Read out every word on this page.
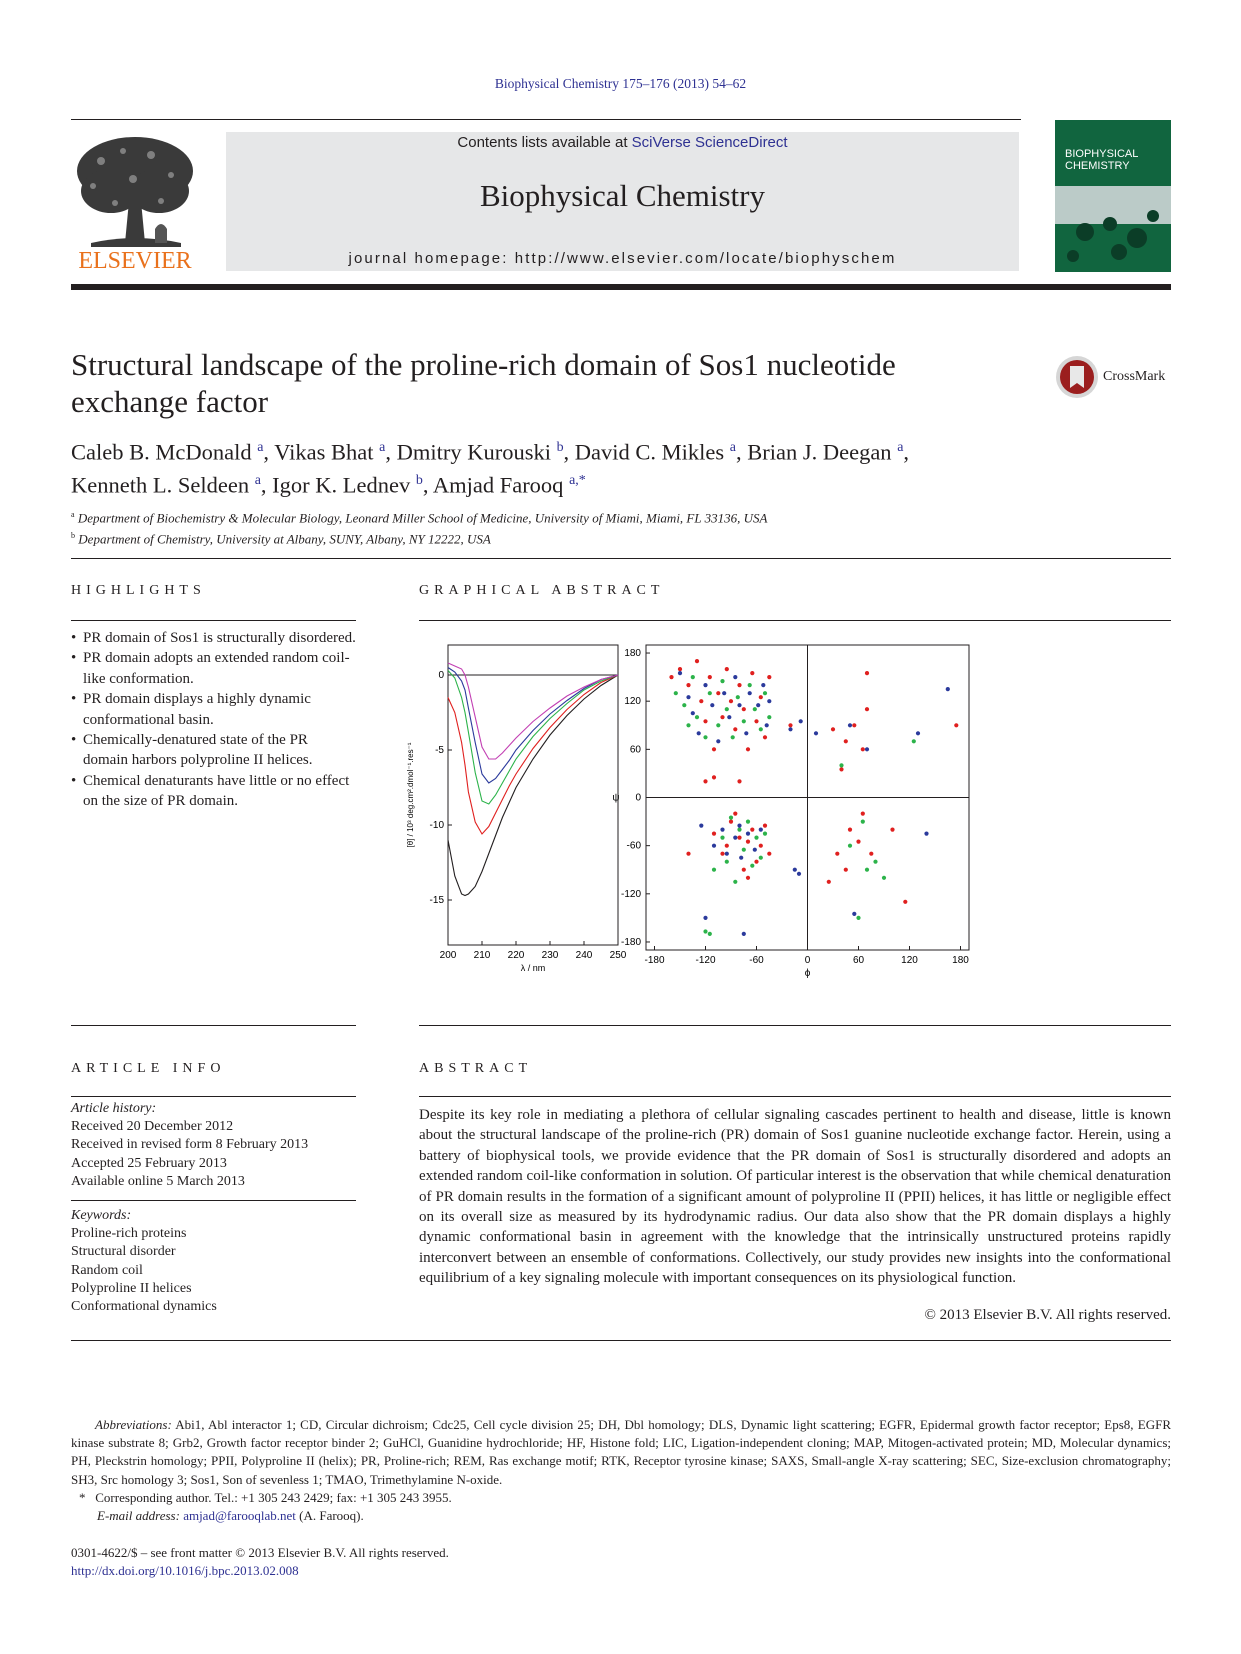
Biophysical Chemistry 175–176 (2013) 54–62
ELSEVIER
Contents lists available at SciVerse ScienceDirect
Biophysical Chemistry
journal homepage: http://www.elsevier.com/locate/biophyschem
BIOPHYSICAL CHEMISTRY
Structural landscape of the proline-rich domain of Sos1 nucleotide exchange factor
CrossMark
Caleb B. McDonald $^a$, Vikas Bhat $^a$, Dmitry Kurouski $^b$, David C. Mikles $^a$, Brian J. Deegan $^a$,
Kenneth L. Seldeen $^a$, Igor K. Lednev $^b$, Amjad Farooq $^{a,*}$
$^a$ Department of Biochemistry & Molecular Biology, Leonard Miller School of Medicine, University of Miami, Miami, FL 33136, USA
$^b$ Department of Chemistry, University at Albany, SUNY, Albany, NY 12222, USA
HIGHLIGHTS
• PR domain of Sos1 is structurally disordered.
• PR domain adopts an extended random coil-like conformation.
• PR domain displays a highly dynamic conformational basin.
• Chemically-denatured state of the PR domain harbors polyproline II helices.
• Chemical denaturants have little or no effect on the size of PR domain.
GRAPHICAL ABSTRACT
200 210 220 230 240 250
0
-5
-10
-15
λ / nm
[θ] / 10³ deg.cm².dmol⁻¹.res⁻¹
-180	-120	-60	0	60	120	180
180
120
60
0
-60
-120
-180
ϕ
ψ
ARTICLE INFO
Article history:
Received 20 December 2012
Received in revised form 8 February 2013
Accepted 25 February 2013
Available online 5 March 2013
Keywords:
Proline-rich proteins
Structural disorder
Random coil
Polyproline II helices
Conformational dynamics
ABSTRACT
Despite its key role in mediating a plethora of cellular signaling cascades pertinent to health and disease, little is known about the structural landscape of the proline-rich (PR) domain of Sos1 guanine nucleotide exchange factor. Herein, using a battery of biophysical tools, we provide evidence that the PR domain of Sos1 is structurally disordered and adopts an extended random coil-like conformation in solution. Of particular interest is the observation that while chemical denaturation of PR domain results in the formation of a significant amount of polyproline II (PPII) helices, it has little or negligible effect on its overall size as measured by its hydrodynamic radius. Our data also show that the PR domain displays a highly dynamic conformational basin in agreement with the knowledge that the intrinsically unstructured proteins rapidly interconvert between an ensemble of conformations. Collectively, our study provides new insights into the conformational equilibrium of a key signaling molecule with important consequences on its physiological function.
© 2013 Elsevier B.V. All rights reserved.
Abbreviations: Abi1, Abl interactor 1; CD, Circular dichroism; Cdc25, Cell cycle division 25; DH, Dbl homology; DLS, Dynamic light scattering; EGFR, Epidermal growth factor receptor; Eps8, EGFR kinase substrate 8; Grb2, Growth factor receptor binder 2; GuHCl, Guanidine hydrochloride; HF, Histone fold; LIC, Ligation-independent cloning; MAP, Mitogen-activated protein; MD, Molecular dynamics; PH, Pleckstrin homology; PPII, Polyproline II (helix); PR, Proline-rich; REM, Ras exchange motif; RTK, Receptor tyrosine kinase; SAXS, Small-angle X-ray scattering; SEC, Size-exclusion chromatography; SH3, Src homology 3; Sos1, Son of sevenless 1; TMAO, Trimethylamine N-oxide.
*   Corresponding author. Tel.: +1 305 243 2429; fax: +1 305 243 3955.
E-mail address: amjad@farooqlab.net (A. Farooq).
0301-4622/$ – see front matter © 2013 Elsevier B.V. All rights reserved.
http://dx.doi.org/10.1016/j.bpc.2013.02.008
